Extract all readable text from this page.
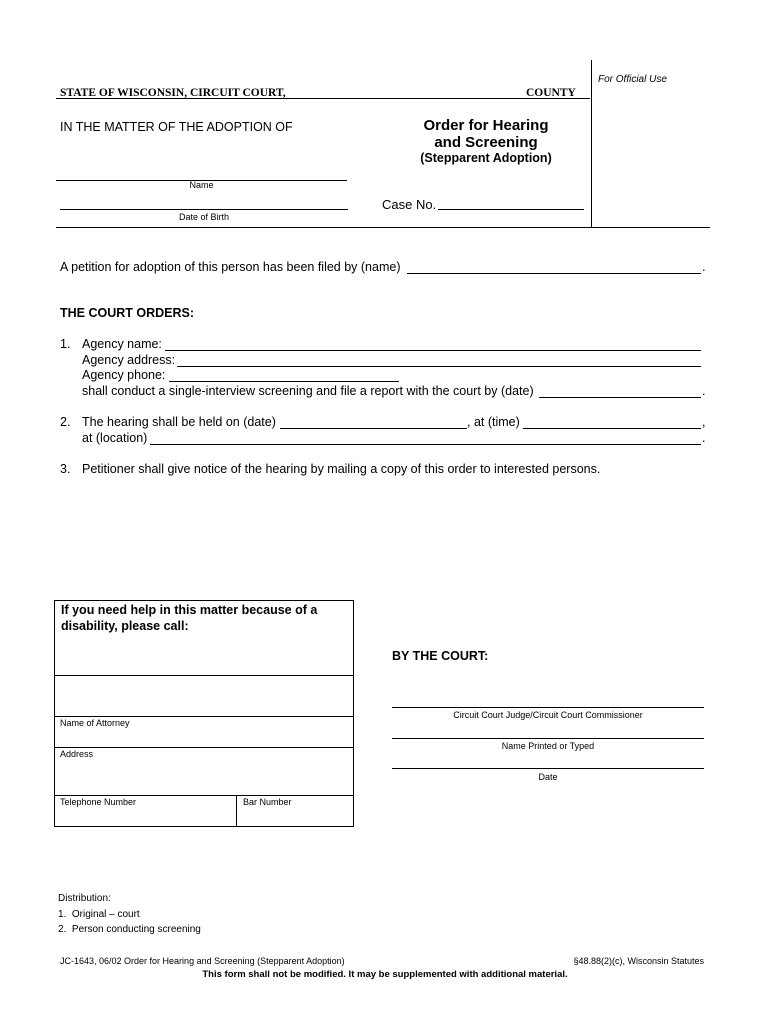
For Official Use
STATE OF WISCONSIN, CIRCUIT COURT,	COUNTY
IN THE MATTER OF THE ADOPTION OF	Order for Hearing
and Screening
(Stepparent Adoption)
Name
Date of Birth
Case No.
A petition for adoption of this person has been filed by (name)	.
THE COURT ORDERS:
1. Agency name:
Agency address:
Agency phone:
shall conduct a single-interview screening and file a report with the court by (date)	.
2. The hearing shall be held on (date)	, at (time)	,
at (location)	.
3. Petitioner shall give notice of the hearing by mailing a copy of this order to interested persons.
If you need help in this matter because of a disability, please call:
Name of Attorney
Address
Telephone Number	Bar Number
BY THE COURT:
Circuit Court Judge/Circuit Court Commissioner
Name Printed or Typed
Date
Distribution:
1.  Original – court
2.  Person conducting screening
JC-1643, 06/02 Order for Hearing and Screening (Stepparent Adoption)	§48.88(2)(c), Wisconsin Statutes
This form shall not be modified. It may be supplemented with additional material.
